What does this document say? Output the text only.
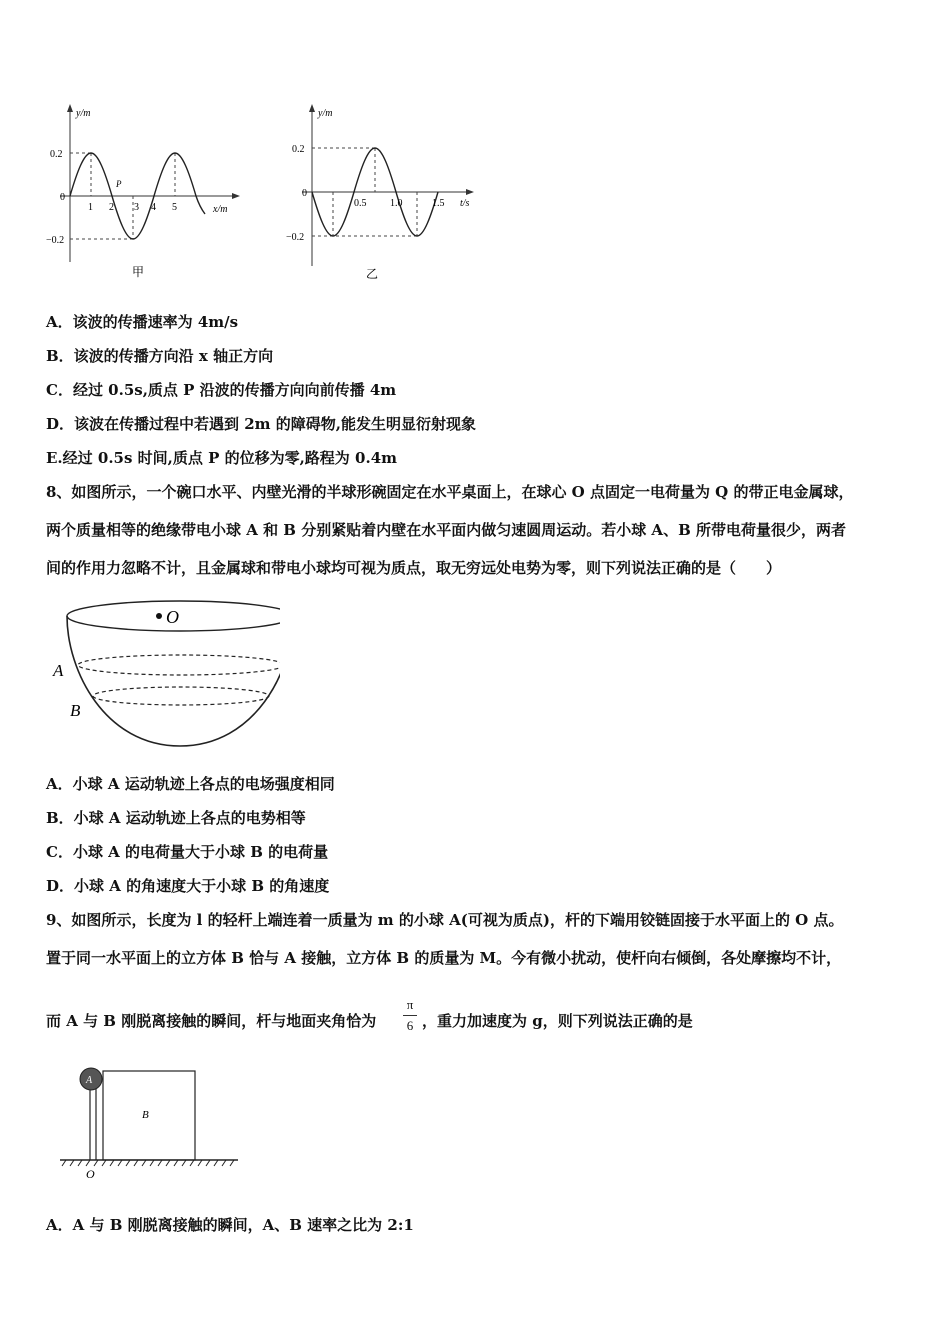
y/m
x/m
0.2
0
−0.2
1 2 3 4 5
P
甲
y/m
t/s
0.2
0
−0.2
0.5 1.0	1.5
乙
A．该波的传播速率为 4m/s
B．该波的传播方向沿 x 轴正方向
C．经过 0.5s,质点 P 沿波的传播方向向前传播 4m
D．该波在传播过程中若遇到 2m 的障碍物,能发生明显衍射现象
E.经过 0.5s 时间,质点 P 的位移为零,路程为 0.4m
8、如图所示，一个碗口水平、内壁光滑的半球形碗固定在水平桌面上，在球心 O 点固定一电荷量为 Q 的带正电金属球，
两个质量相等的绝缘带电小球 A 和 B 分别紧贴着内壁在水平面内做匀速圆周运动。若小球 A、B 所带电荷量很少，两者
间的作用力忽略不计，且金属球和带电小球均可视为质点，取无穷远处电势为零，则下列说法正确的是（　　）
O
A
B
A．小球 A 运动轨迹上各点的电场强度相同
B．小球 A 运动轨迹上各点的电势相等
C．小球 A 的电荷量大于小球 B 的电荷量
D．小球 A 的角速度大于小球 B 的角速度
9、如图所示，长度为 l 的轻杆上端连着一质量为 m 的小球 A(可视为质点)，杆的下端用铰链固接于水平面上的 O 点。
置于同一水平面上的立方体 B 恰与 A 接触，立方体 B 的质量为 M。今有微小扰动，使杆向右倾倒，各处摩擦均不计，
而 A 与 B 刚脱离接触的瞬间，杆与地面夹角恰为
π
6 ，重力加速度为 g，则下列说法正确的是
A
B
O
A．A 与 B 刚脱离接触的瞬间，A、B 速率之比为 2:1
